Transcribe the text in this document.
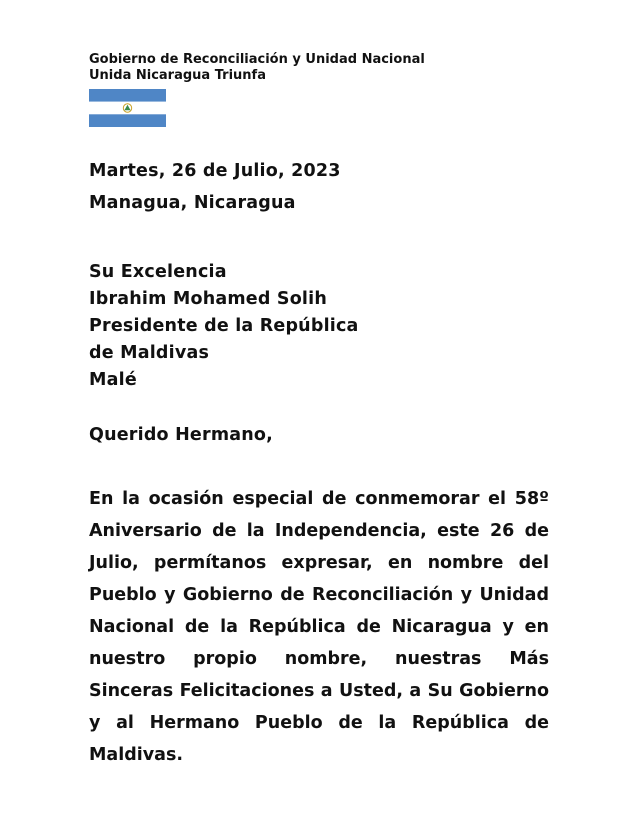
Gobierno de Reconciliación y Unidad Nacional
Unida Nicaragua Triunfa
Martes, 26 de Julio, 2023
Managua, Nicaragua
Su Excelencia
Ibrahim Mohamed Solih
Presidente de la República
de Maldivas
Malé
Querido Hermano,
En la ocasión especial de conmemorar el 58º Aniversario de la Independencia, este 26 de Julio, permítanos expresar, en nombre del Pueblo y Gobierno de Reconciliación y Unidad Nacional de la República de Nicaragua y en nuestro propio nombre, nuestras Más Sinceras Felicitaciones a Usted, a Su Gobierno y al Hermano Pueblo de la República de Maldivas.
